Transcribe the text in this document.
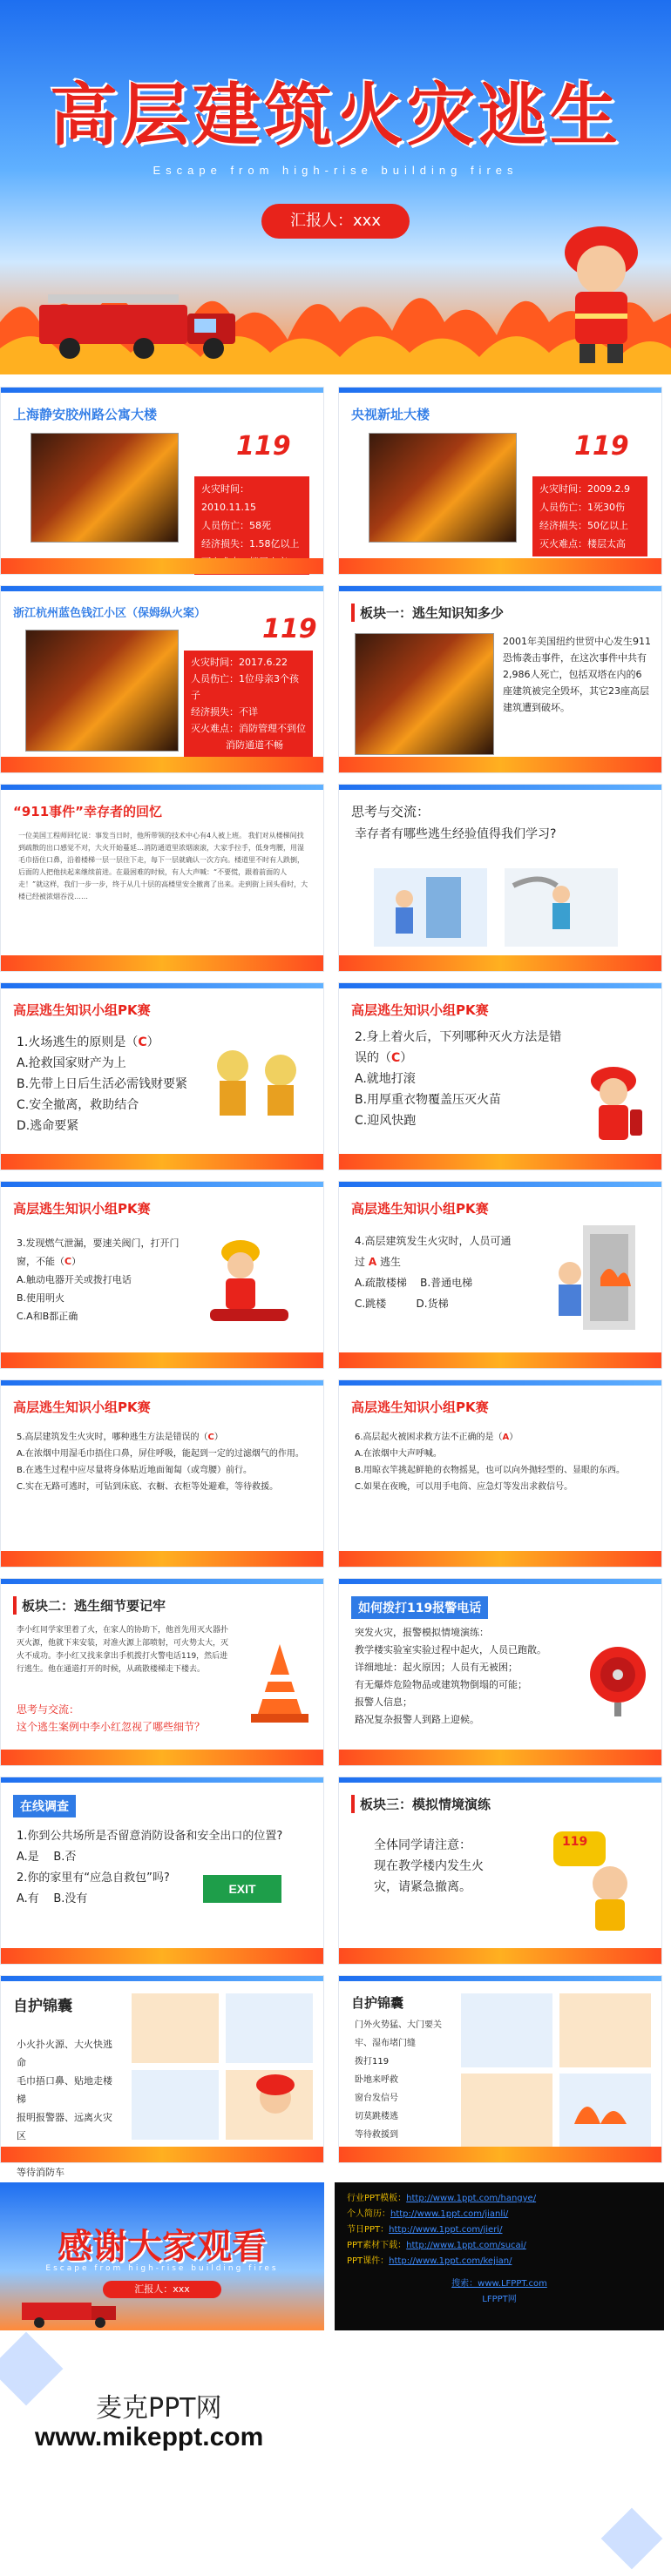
高层建筑火灾逃生
Escape from high-rise building fires
汇报人：xxx
上海静安胶州路公寓大楼
119
火灾时间：2010.11.15
人员伤亡：58死
经济损失：1.58亿以上
央视新址大楼
119
火灾时间：2009.2.9
人员伤亡：1死30伤
经济损失：50亿以上
灭火难点：楼层太高
浙江杭州蓝色钱江小区（保姆纵火案）
119
火灾时间：2017.6.22
人员伤亡：1位母亲3个孩子
经济损失：不详
灭火难点：消防管理不到位
消防通道不畅
板块一：逃生知识知多少
2001年美国纽约世贸中心发生911恐怖袭击事件，在这次事件中共有2,986人死亡，包括双塔在内的6座建筑被完全毁坏，其它23座高层建筑遭到破坏。
“911事件”幸存者的回忆
一位美国工程师回忆说：事发当日时，他所带领的技术中心有4人被上班。 我们对从楼梯间找到疏散的出口感觉不对，大火开始蔓延…消防通道里浓烟滚滚，大家手拉手，低身弯腰，用湿毛巾捂住口鼻，沿着楼梯一层一层往下走，每下一层就确认一次方向。楼道里不时有人跌倒，后面的人把他扶起来继续前进。在最困难的时候，有人大声喊：“不要慌，跟着前面的人走！”就这样，我们一步一步，终于从几十层的高楼里安全撤离了出来。走到街上回头看时，大楼已经被浓烟吞没……
思考与交流：
幸存者有哪些逃生经验值得我们学习?
高层逃生知识小组PK赛
1.火场逃生的原则是（C）
A.抢救国家财产为上
B.先带上日后生活必需钱财要紧
C.安全撤离，救助结合
D.逃命要紧
高层逃生知识小组PK赛
2.身上着火后，下列哪种灭火方法是错误的（C）
A.就地打滚
B.用厚重衣物覆盖压灭火苗
C.迎风快跑
高层逃生知识小组PK赛
3.发现燃气泄漏，要速关阀门，打开门窗，不能（C）
A.触动电器开关或拨打电话
B.使用明火
C.A和B都正确
高层逃生知识小组PK赛
4.高层建筑发生火灾时，人员可通过 A 逃生
A.疏散楼梯 B.普通电梯
C.跳楼	D.货梯
高层逃生知识小组PK赛
5.高层建筑发生火灾时，哪种逃生方法是错误的（C）
A.在浓烟中用湿毛巾捂住口鼻，屏住呼吸，能起到一定的过滤烟气的作用。
B.在逃生过程中应尽量将身体贴近地面匍匐（或弯腰）前行。
C.实在无路可逃时，可钻到床底、衣橱、衣柜等处避难，等待救援。
高层逃生知识小组PK赛
6.高层起火被困求救方法不正确的是（A）
A.在浓烟中大声呼喊。
B.用晾衣竿挑起鲜艳的衣物摇晃，也可以向外抛轻型的、显眼的东西。
C.如果在夜晚，可以用手电筒、应急灯等发出求救信号。
板块二：逃生细节要记牢
李小红同学家里着了火，在家人的协助下，他首先用灭火器扑灭火源，他就下来安装，对准火源上部喷射，可火势太大，灭火不成功。李小红又找来拿出手机拨打火警电话119，然后进行逃生。他在通道打开的时候，从疏散楼梯走下楼去。
思考与交流：
这个逃生案例中李小红忽视了哪些细节？
如何拨打119报警电话
突发火灾，报警模拟情境演练：
教学楼实验室实验过程中起火，人员已跑散。
详细地址：起火原因；人员有无被困；
有无爆炸危险物品或建筑物倒塌的可能；
报警人信息；
路况复杂报警人到路上迎候。
在线调查
1.你到公共场所是否留意消防设备和安全出口的位置?
A.是 B.否
2.你的家里有“应急自救包”吗?
A.有 B.没有
EXIT
板块三：模拟情境演练
全体同学请注意：
现在教学楼内发生火
灾，请紧急撤离。
119
自护锦囊
小火扑火源、大火快逃命
毛巾捂口鼻、贴地走楼梯
报明报警器、远离火灾区
等待消防车
自护锦囊
门外火势猛、大门要关牢、湿布堵门缝
拨打119
卧地来呼救
窗台发信号
切莫跳楼逃
等待救援到
感谢大家观看
Escape from high-rise building fires
汇报人：xxx
行业PPT模板：http://www.1ppt.com/hangye/
个人简历：http://www.1ppt.com/jianli/
节日PPT：http://www.1ppt.com/jieri/
PPT素材下载：http://www.1ppt.com/sucai/
PPT课件：http://www.1ppt.com/kejian/
搜索：www.LFPPT.com
LFPPT网
麦克PPT网
www.mikeppt.com
